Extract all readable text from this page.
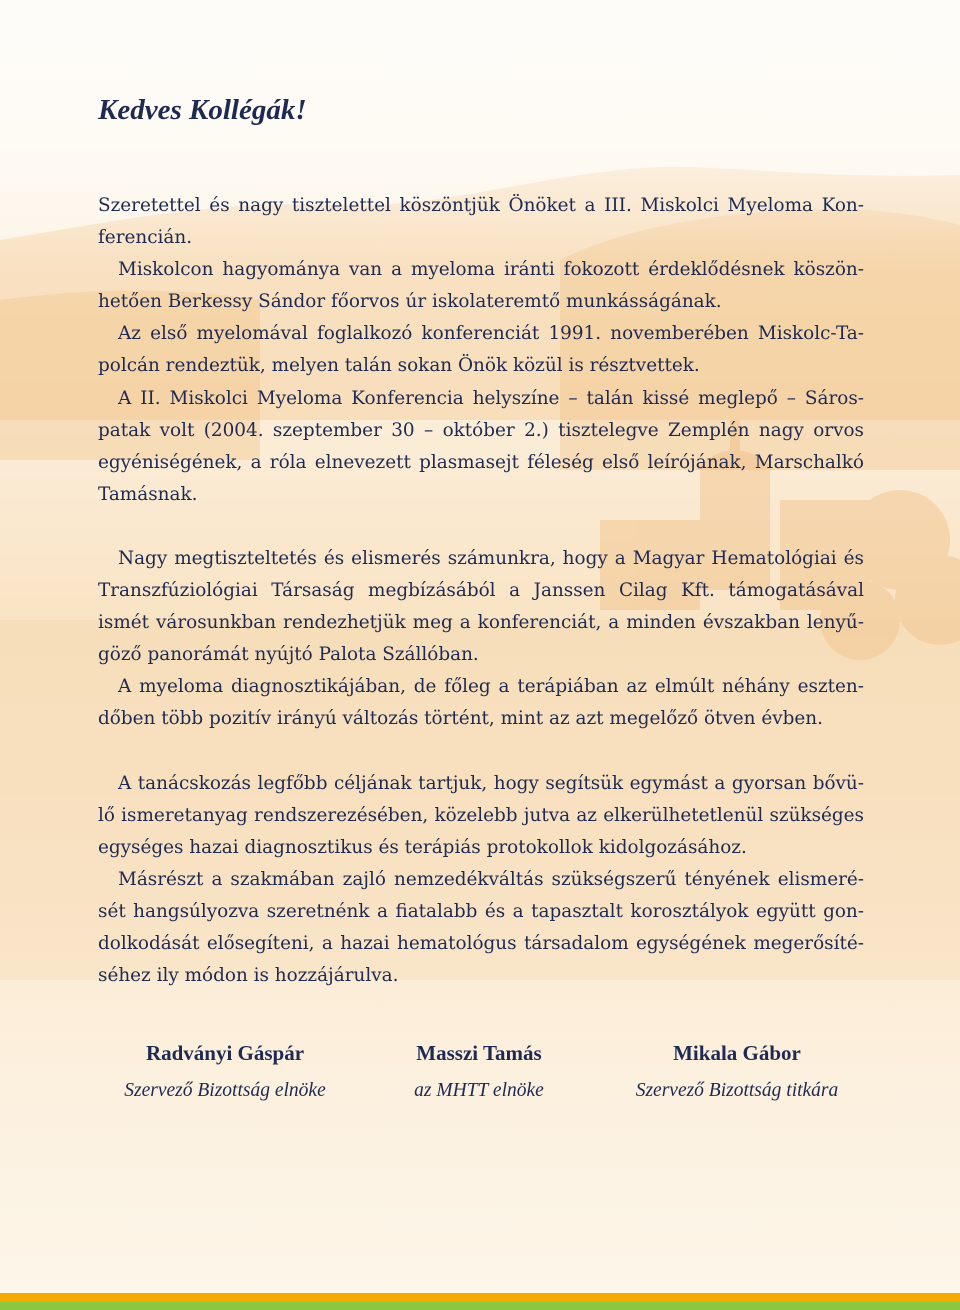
Kedves Kollégák!

Szeretettel és nagy tisztelettel köszöntjük Önöket a III. Miskolci Myeloma Konferencián.

Miskolcon hagyománya van a myeloma iránti fokozott érdeklődésnek köszönhetően Berkessy Sándor főorvos úr iskolateremtő munkásságának.

Az első myelomával foglalkozó konferenciát 1991. novemberében Miskolc-Tapolcán rendeztük, melyen talán sokan Önök közül is résztvettek.

A II. Miskolci Myeloma Konferencia helyszíne – talán kissé meglepő – Sárospatak volt (2004. szeptember 30 – október 2.) tisztelegve Zemplén nagy orvos egyéniségének, a róla elnevezett plasmasejt féleség első leírójának, Marschalkó Tamásnak.

Nagy megtiszteltetés és elismerés számunkra, hogy a Magyar Hematológiai és Transzfúziológiai Társaság megbízásából a Janssen Cilag Kft. támogatásával ismét városunkban rendezhetjük meg a konferenciát, a minden évszakban lenyűgöző panorámát nyújtó Palota Szállóban.

A myeloma diagnosztikájában, de főleg a terápiában az elmúlt néhány esztendőben több pozitív irányú változás történt, mint az azt megelőző ötven évben.

A tanácskozás legfőbb céljának tartjuk, hogy segítsük egymást a gyorsan bővülő ismeretanyag rendszerezésében, közelebb jutva az elkerülhetetlenül szükséges egységes hazai diagnosztikus és terápiás protokollok kidolgozásához.

Másrészt a szakmában zajló nemzedékváltás szükségszerű tényének elismerését hangsúlyozva szeretnénk a fiatalabb és a tapasztalt korosztályok együtt gondolkodását elősegíteni, a hazai hematológus társadalom egységének megerősítéséhez ily módon is hozzájárulva.

Radványi Gáspár
Szervező Bizottság elnöke
Masszi Tamás
az MHTT elnöke
Mikala Gábor
Szervező Bizottság titkára
